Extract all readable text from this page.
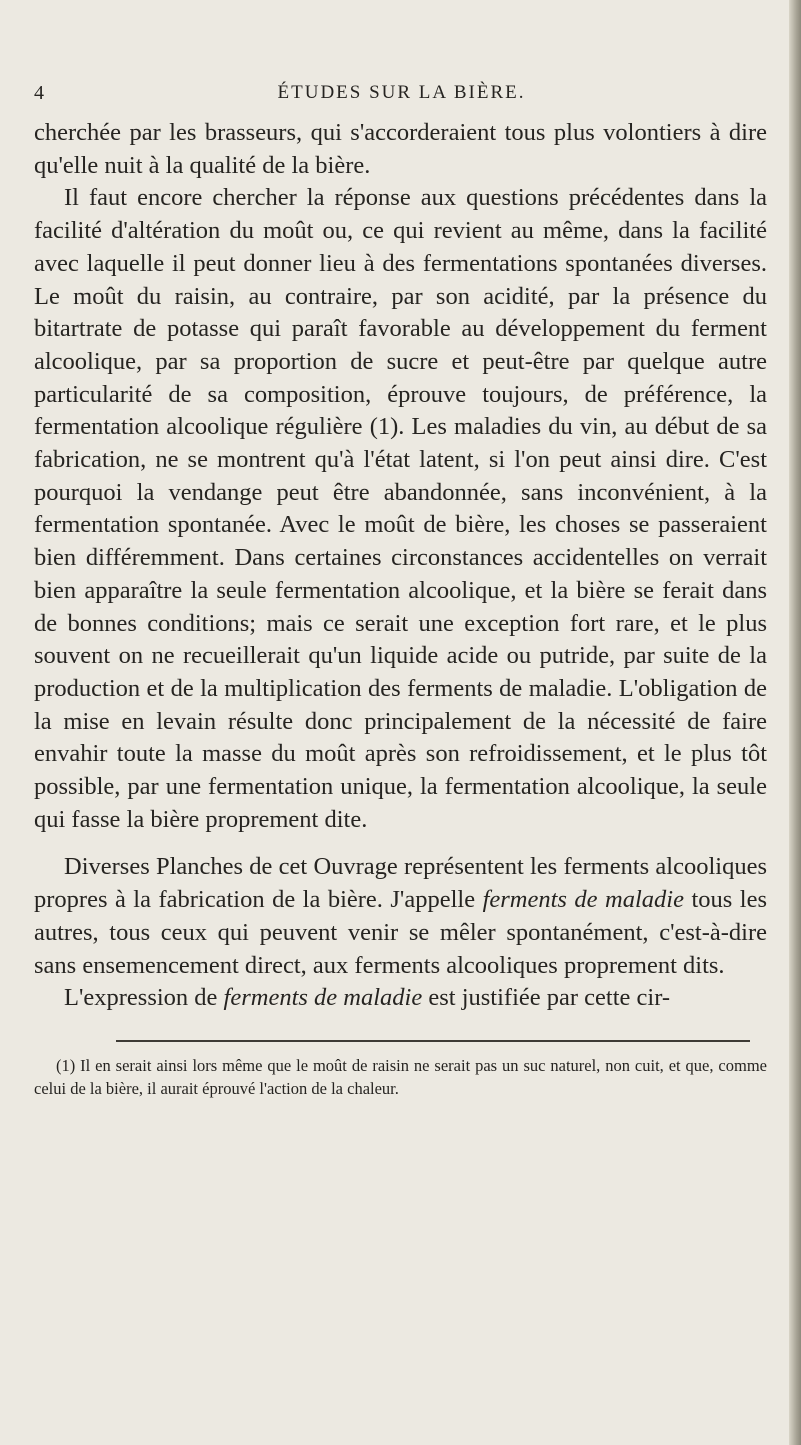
4	ÉTUDES SUR LA BIÈRE.

cherchée par les brasseurs, qui s'accorderaient tous plus volontiers à dire qu'elle nuit à la qualité de la bière.

Il faut encore chercher la réponse aux questions précédentes dans la facilité d'altération du moût ou, ce qui revient au même, dans la facilité avec laquelle il peut donner lieu à des fermentations spontanées diverses. Le moût du raisin, au contraire, par son acidité, par la présence du bitartrate de potasse qui paraît favorable au développement du ferment alcoolique, par sa proportion de sucre et peut-être par quelque autre particularité de sa composition, éprouve toujours, de préférence, la fermentation alcoolique régulière (1). Les maladies du vin, au début de sa fabrication, ne se montrent qu'à l'état latent, si l'on peut ainsi dire. C'est pourquoi la vendange peut être abandonnée, sans inconvénient, à la fermentation spontanée. Avec le moût de bière, les choses se passeraient bien différemment. Dans certaines circonstances accidentelles on verrait bien apparaître la seule fermentation alcoolique, et la bière se ferait dans de bonnes conditions; mais ce serait une exception fort rare, et le plus souvent on ne recueillerait qu'un liquide acide ou putride, par suite de la production et de la multiplication des ferments de maladie. L'obligation de la mise en levain résulte donc principalement de la nécessité de faire envahir toute la masse du moût après son refroidissement, et le plus tôt possible, par une fermentation unique, la fermentation alcoolique, la seule qui fasse la bière proprement dite.

Diverses Planches de cet Ouvrage représentent les ferments alcooliques propres à la fabrication de la bière. J'appelle ferments de maladie tous les autres, tous ceux qui peuvent venir se mêler spontanément, c'est-à-dire sans ensemencement direct, aux ferments alcooliques proprement dits.

L'expression de ferments de maladie est justifiée par cette cir-

(1) Il en serait ainsi lors même que le moût de raisin ne serait pas un suc naturel, non cuit, et que, comme celui de la bière, il aurait éprouvé l'action de la chaleur.
